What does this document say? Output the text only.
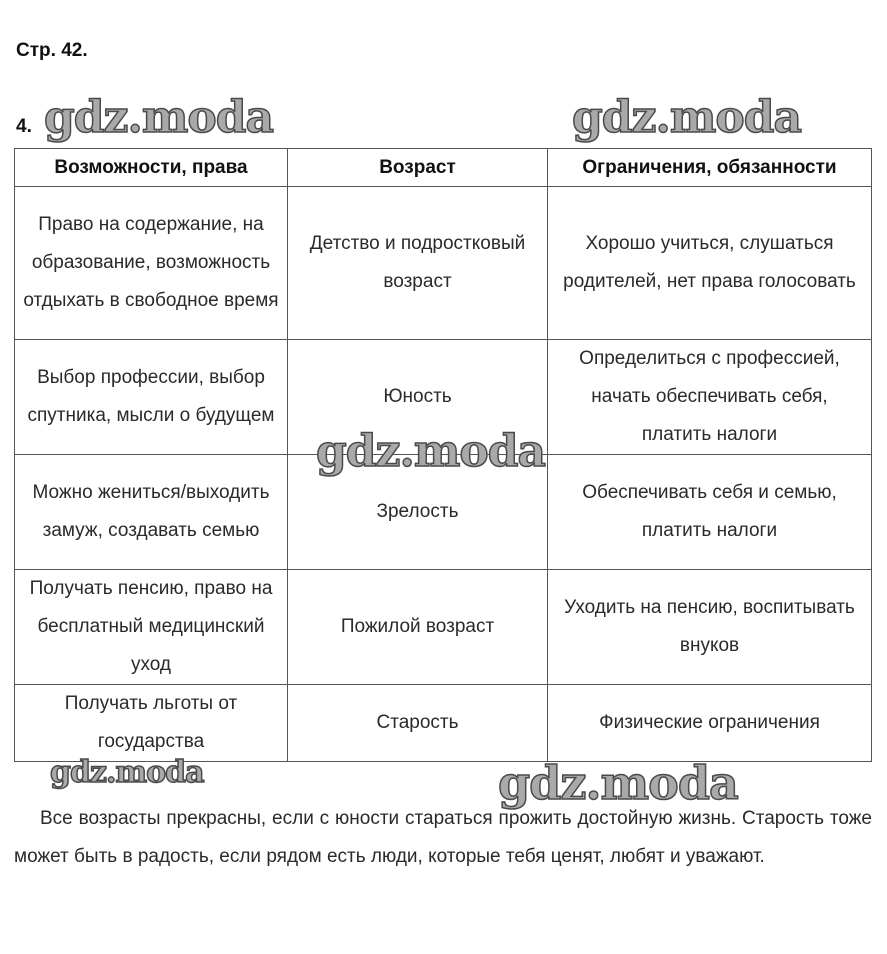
Стр. 42.
4. gdz.moda	gdz.moda
gdz.moda
gdz.moda	gdz.moda
Возможности, права	Возраст	Ограничения, обязанности
Право на содержание, на образование, возможность отдыхать в свободное время	Детство и подростковый возраст	Хорошо учиться, слушаться родителей, нет права голосовать
Выбор профессии, выбор спутника, мысли о будущем	Юность	Определиться с профессией, начать обеспечивать себя, платить налоги
Можно жениться/выходить замуж, создавать семью	Зрелость	Обеспечивать себя и семью, платить налоги
Получать пенсию, право на бесплатный медицинский уход	Пожилой возраст	Уходить на пенсию, воспитывать внуков
Получать льготы от государства	Старость	Физические ограничения

Все возрасты прекрасны, если с юности стараться прожить достойную жизнь. Старость тоже может быть в радость, если рядом есть люди, которые тебя ценят, любят и уважают.
